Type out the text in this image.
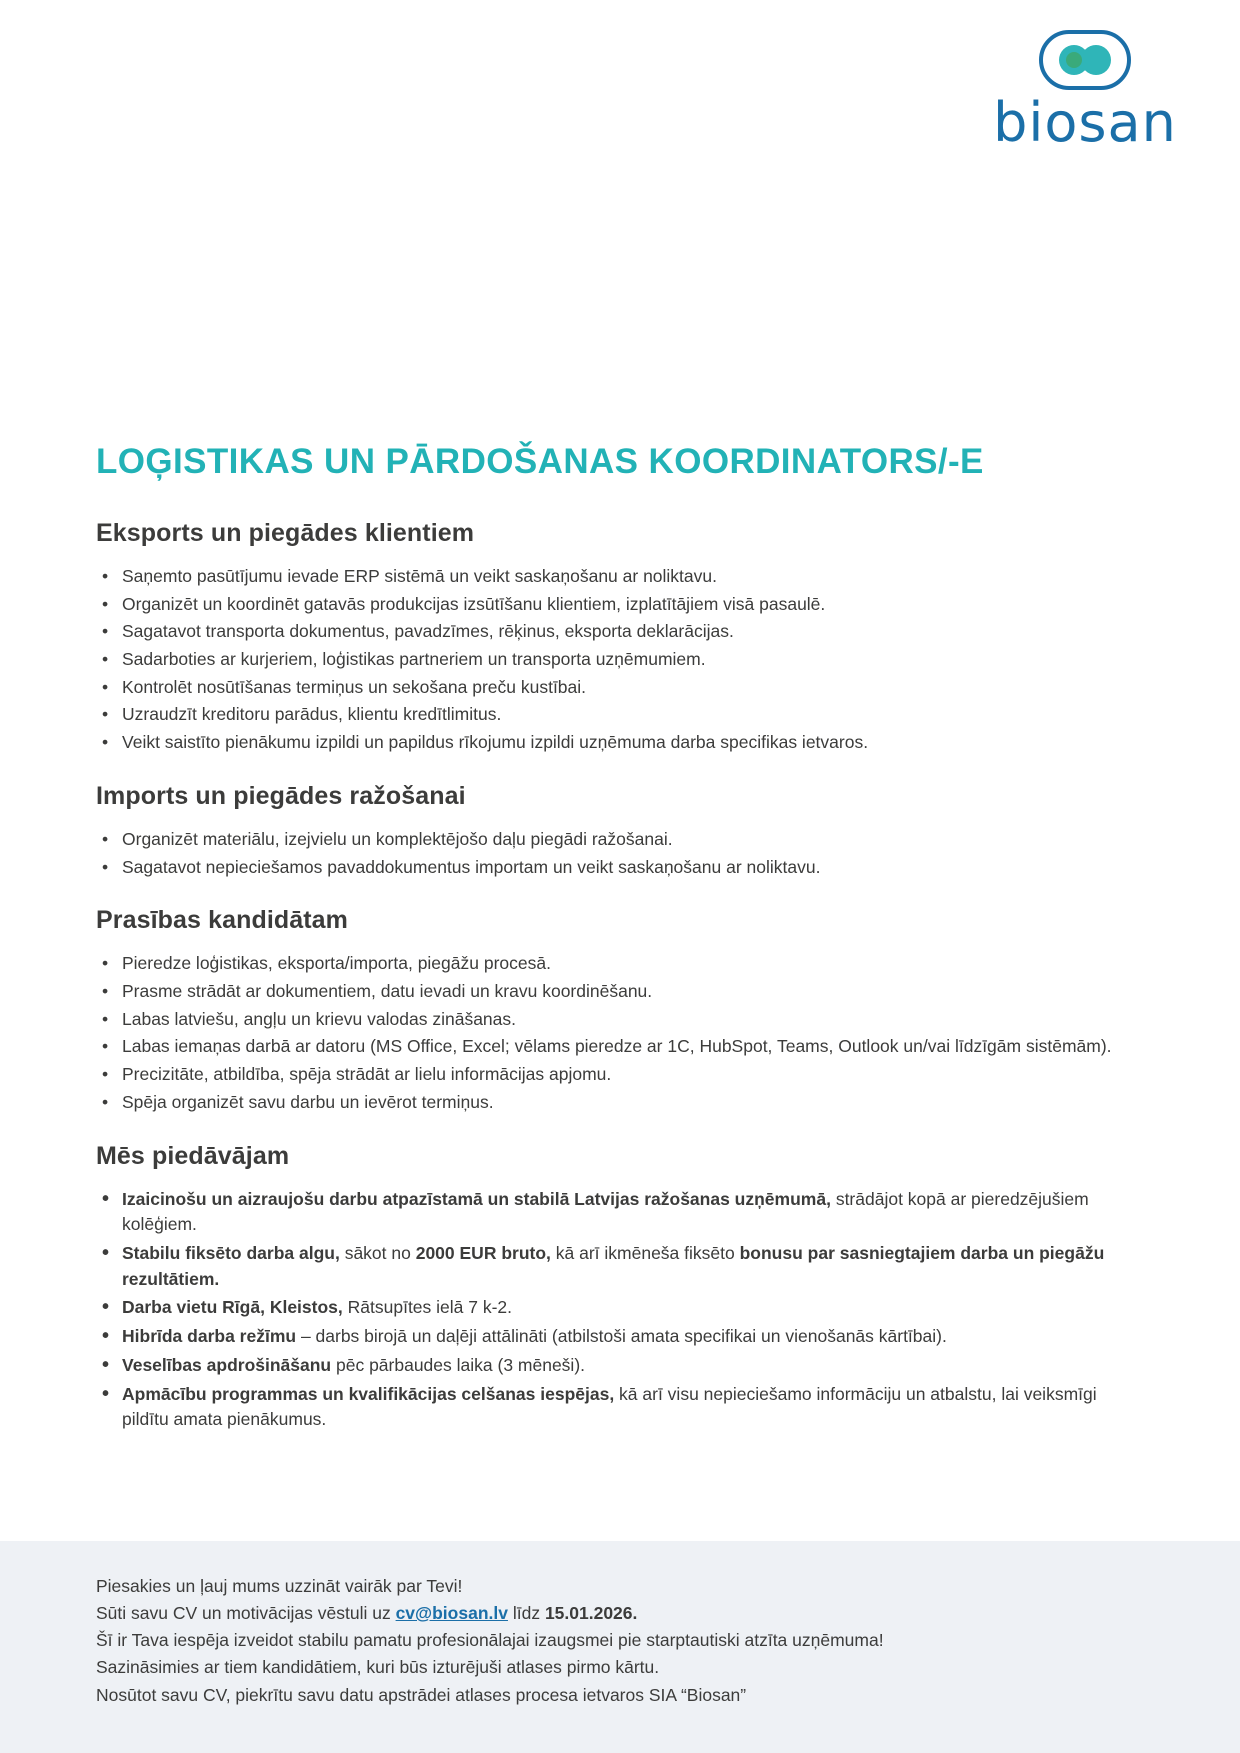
biosan
LOĢISTIKAS UN PĀRDOŠANAS KOORDINATORS/-E
Eksports un piegādes klientiem
• Saņemto pasūtījumu ievade ERP sistēmā un veikt saskaņošanu ar noliktavu.
• Organizēt un koordinēt gatavās produkcijas izsūtīšanu klientiem, izplatītājiem visā pasaulē.
• Sagatavot transporta dokumentus, pavadzīmes, rēķinus, eksporta deklarācijas.
• Sadarboties ar kurjeriem, loģistikas partneriem un transporta uzņēmumiem.
• Kontrolēt nosūtīšanas termiņus un sekošana preču kustībai.
• Uzraudzīt kreditoru parādus, klientu kredītlimitus.
• Veikt saistīto pienākumu izpildi un papildus rīkojumu izpildi uzņēmuma darba specifikas ietvaros.
Imports un piegādes ražošanai
• Organizēt materiālu, izejvielu un komplektējošo daļu piegādi ražošanai.
• Sagatavot nepieciešamos pavaddokumentus importam un veikt saskaņošanu ar noliktavu.
Prasības kandidātam
• Pieredze loģistikas, eksporta/importa, piegāžu procesā.
• Prasme strādāt ar dokumentiem, datu ievadi un kravu koordinēšanu.
• Labas latviešu, angļu un krievu valodas zināšanas.
• Labas iemaņas darbā ar datoru (MS Office, Excel; vēlams pieredze ar 1C, HubSpot, Teams, Outlook un/vai līdzīgām sistēmām).
• Precizitāte, atbildība, spēja strādāt ar lielu informācijas apjomu.
• Spēja organizēt savu darbu un ievērot termiņus.
Mēs piedāvājam
• Izaicinošu un aizraujošu darbu atpazīstamā un stabilā Latvijas ražošanas uzņēmumā, strādājot kopā ar pieredzējušiem kolēģiem.
• Stabilu fiksēto darba algu, sākot no 2000 EUR bruto, kā arī ikmēneša fiksēto bonusu par sasniegtajiem darba un piegāžu rezultātiem.
• Darba vietu Rīgā, Kleistos, Rātsupītes ielā 7 k-2.
• Hibrīda darba režīmu – darbs birojā un daļēji attālināti (atbilstoši amata specifikai un vienošanās kārtībai).
• Veselības apdrošināšanu pēc pārbaudes laika (3 mēneši).
• Apmācību programmas un kvalifikācijas celšanas iespējas, kā arī visu nepieciešamo informāciju un atbalstu, lai veiksmīgi pildītu amata pienākumus.
Piesakies un ļauj mums uzzināt vairāk par Tevi!
Sūti savu CV un motivācijas vēstuli uz cv@biosan.lv līdz 15.01.2026.
Šī ir Tava iespēja izveidot stabilu pamatu profesionālajai izaugsmei pie starptautiski atzīta uzņēmuma!
Sazināsimies ar tiem kandidātiem, kuri būs izturējuši atlases pirmo kārtu.
Nosūtot savu CV, piekrītu savu datu apstrādei atlases procesa ietvaros SIA “Biosan”
